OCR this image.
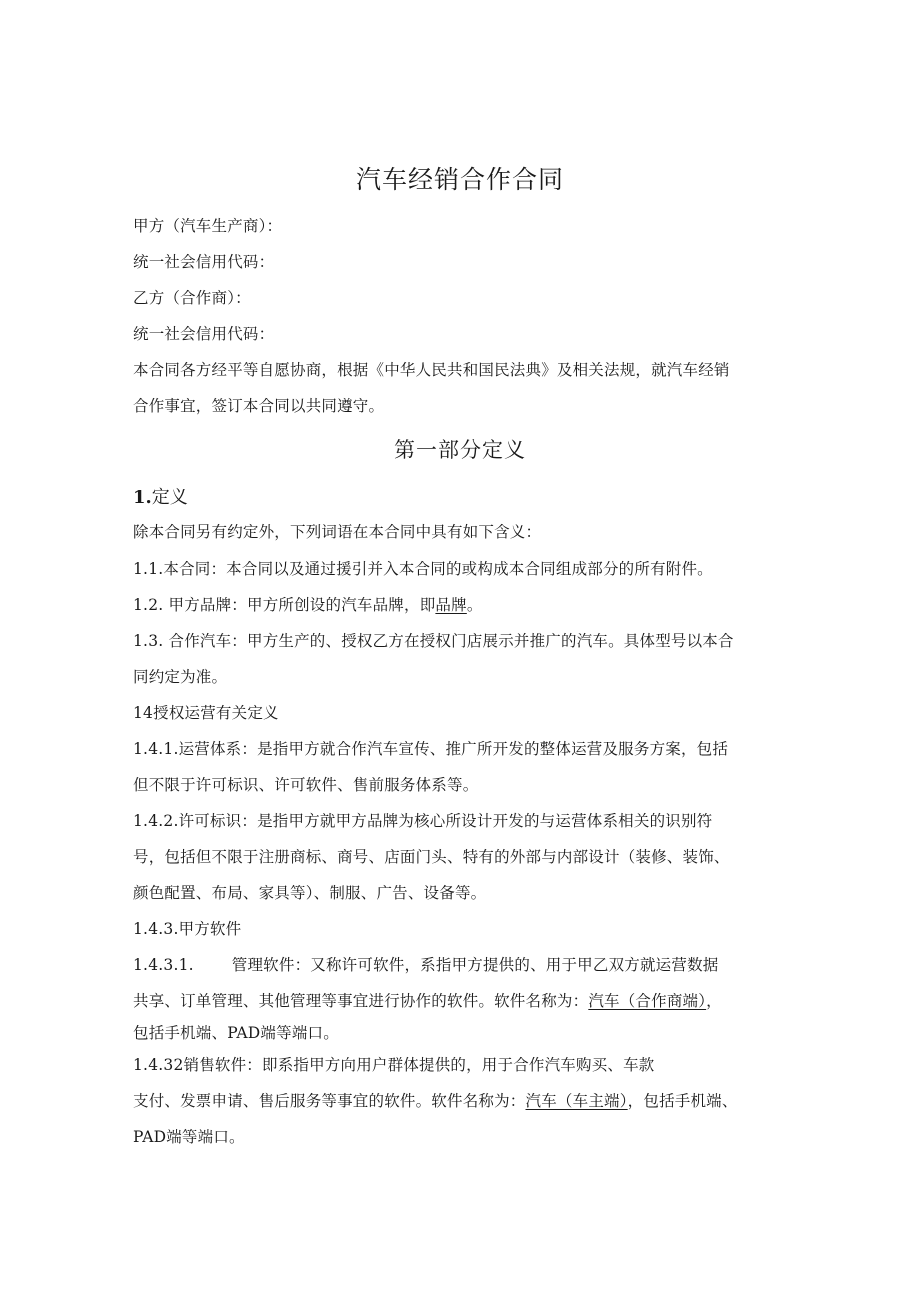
汽车经销合作合同
甲方（汽车生产商）：
统一社会信用代码：
乙方（合作商）：
统一社会信用代码：
本合同各方经平等自愿协商，根据《中华人民共和国民法典》及相关法规，就汽车经销
合作事宜，签订本合同以共同遵守。
第一部分定义
1.定义
除本合同另有约定外，下列词语在本合同中具有如下含义：
1.1.本合同：本合同以及通过援引并入本合同的或构成本合同组成部分的所有附件。
1.2. 甲方品牌：甲方所创设的汽车品牌，即品牌。
1.3. 合作汽车：甲方生产的、授权乙方在授权门店展示并推广的汽车。具体型号以本合
同约定为准。
14授权运营有关定义
1.4.1.运营体系：是指甲方就合作汽车宣传、推广所开发的整体运营及服务方案，包括
但不限于许可标识、许可软件、售前服务体系等。
1.4.2.许可标识：是指甲方就甲方品牌为核心所设计开发的与运营体系相关的识别符
号，包括但不限于注册商标、商号、店面门头、特有的外部与内部设计（装修、装饰、
颜色配置、布局、家具等）、制服、广告、设备等。
1.4.3.甲方软件
1.4.3.1. 管理软件：又称许可软件，系指甲方提供的、用于甲乙双方就运营数据
共享、订单管理、其他管理等事宜进行协作的软件。软件名称为：汽车（合作商端），
包括手机端、PAD端等端口。
1.4.32销售软件：即系指甲方向用户群体提供的，用于合作汽车购买、车款
支付、发票申请、售后服务等事宜的软件。软件名称为：汽车（车主端），包括手机端、
PAD端等端口。
